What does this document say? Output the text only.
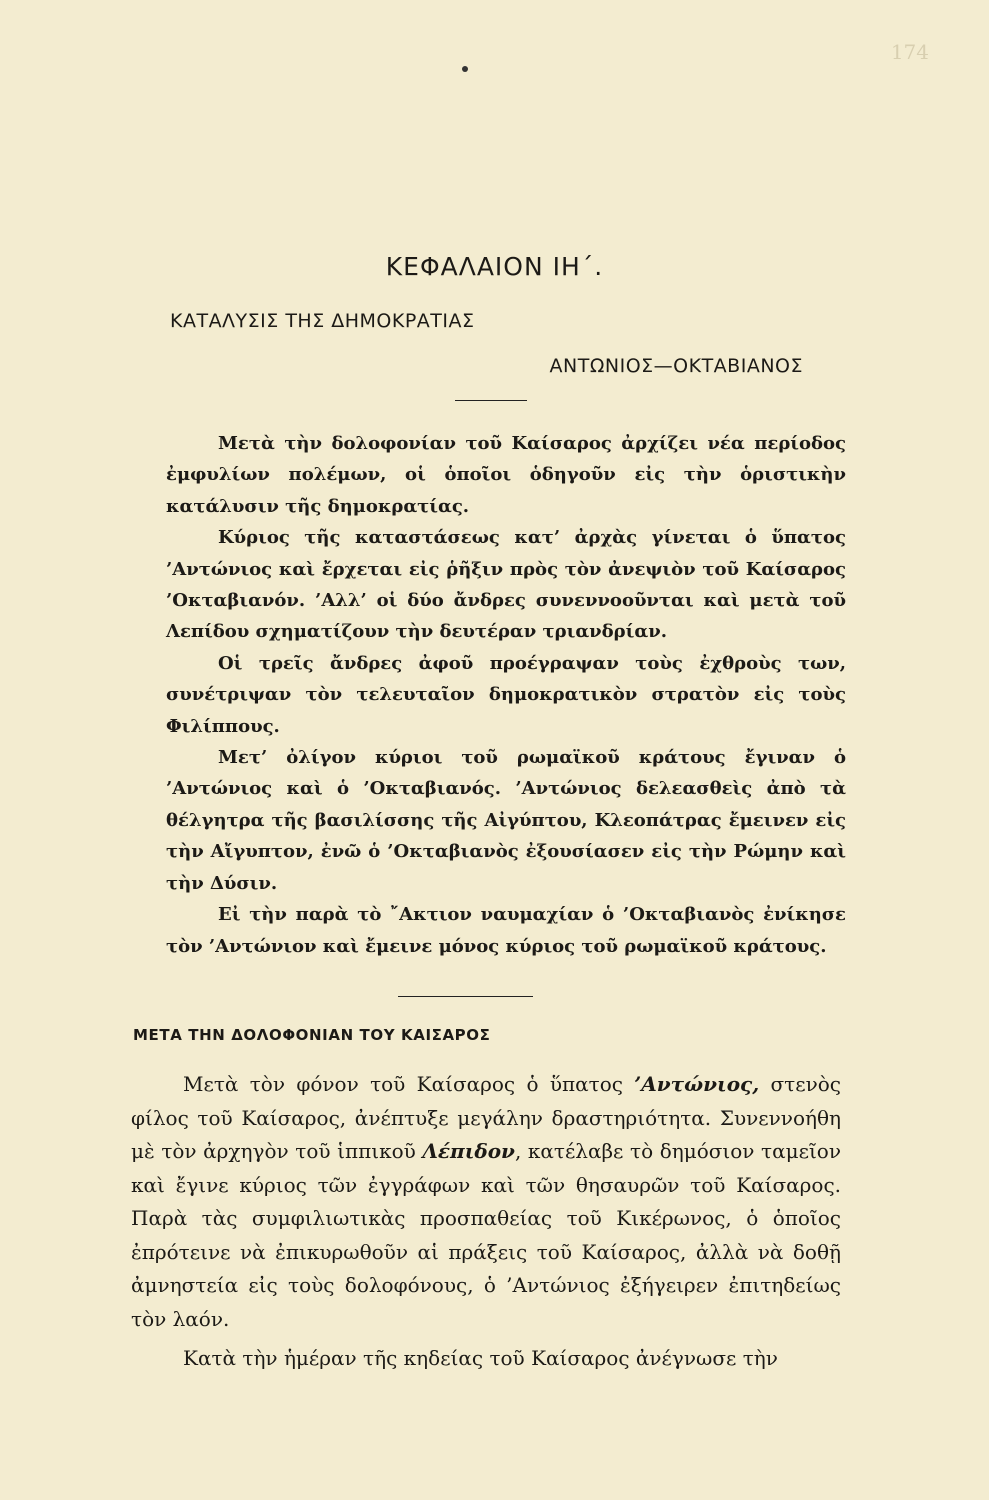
174
ΚΕΦΑΛΑΙΟΝ ΙΗ΄.
ΚΑΤΑΛΥΣΙΣ ΤΗΣ ΔΗΜΟΚΡΑΤΙΑΣ
ΑΝΤΩΝΙΟΣ—ΟΚΤΑΒΙΑΝΟΣ

Μετὰ τὴν δολοφονίαν τοῦ Καίσαρος ἀρχίζει νέα περίοδος ἐμφυλίων πολέμων, οἱ ὁποῖοι ὁδηγοῦν εἰς τὴν ὁριστικὴν κατάλυσιν τῆς δημοκρατίας.

Κύριος τῆς καταστάσεως κατ’ ἀρχὰς γίνεται ὁ ὕπατος ’Αντώνιος καὶ ἔρχεται εἰς ῥῆξιν πρὸς τὸν ἀνεψιὸν τοῦ Καίσαρος ’Οκταβιανόν. ’Αλλ’ οἱ δύο ἄνδρες συνεννοοῦνται καὶ μετὰ τοῦ Λεπίδου σχηματίζουν τὴν δευτέραν τριανδρίαν.

Οἱ τρεῖς ἄνδρες ἀφοῦ προέγραψαν τοὺς ἐχθροὺς των, συνέτριψαν τὸν τελευταῖον δημοκρατικὸν στρατὸν εἰς τοὺς Φιλίππους.

Μετ’ ὀλίγον κύριοι τοῦ ρωμαϊκοῦ κράτους ἔγιναν ὁ ’Αντώνιος καὶ ὁ ’Οκταβιανός. ’Αντώνιος δελεασθεὶς ἀπὸ τὰ θέλγητρα τῆς βασιλίσσης τῆς Αἰγύπτου, Κλεοπάτρας ἔμεινεν εἰς τὴν Αἴγυπτον, ἐνῶ ὁ ’Οκταβιανὸς ἐξουσίασεν εἰς τὴν Ρώμην καὶ τὴν Δύσιν.

Εἰ τὴν παρὰ τὸ ῎Ακτιον ναυμαχίαν ὁ ’Οκταβιανὸς ἐνίκησε τὸν ’Αντώνιον καὶ ἔμεινε μόνος κύριος τοῦ ρωμαϊκοῦ κράτους.

ΜΕΤΑ ΤΗΝ ΔΟΛΟΦΟΝΙΑΝ ΤΟΥ ΚΑΙΣΑΡΟΣ

Μετὰ τὸν φόνον τοῦ Καίσαρος ὁ ὕπατος ’Αντώνιος, στενὸς φίλος τοῦ Καίσαρος, ἀνέπτυξε μεγάλην δραστηριότητα. Συνεννοήθη μὲ τὸν ἀρχηγὸν τοῦ ἱππικοῦ Λέπιδον, κατέλαβε τὸ δημόσιον ταμεῖον καὶ ἔγινε κύριος τῶν ἐγγράφων καὶ τῶν θησαυρῶν τοῦ Καίσαρος. Παρὰ τὰς συμφιλιωτικὰς προσπαθείας τοῦ Κικέρωνος, ὁ ὁποῖος ἐπρότεινε νὰ ἐπικυρωθοῦν αἱ πράξεις τοῦ Καίσαρος, ἀλλὰ νὰ δοθῇ ἀμνηστεία εἰς τοὺς δολοφόνους, ὁ ’Αντώνιος ἐξήγειρεν ἐπιτηδείως τὸν λαόν.

Κατὰ τὴν ἡμέραν τῆς κηδείας τοῦ Καίσαρος ἀνέγνωσε τὴν
